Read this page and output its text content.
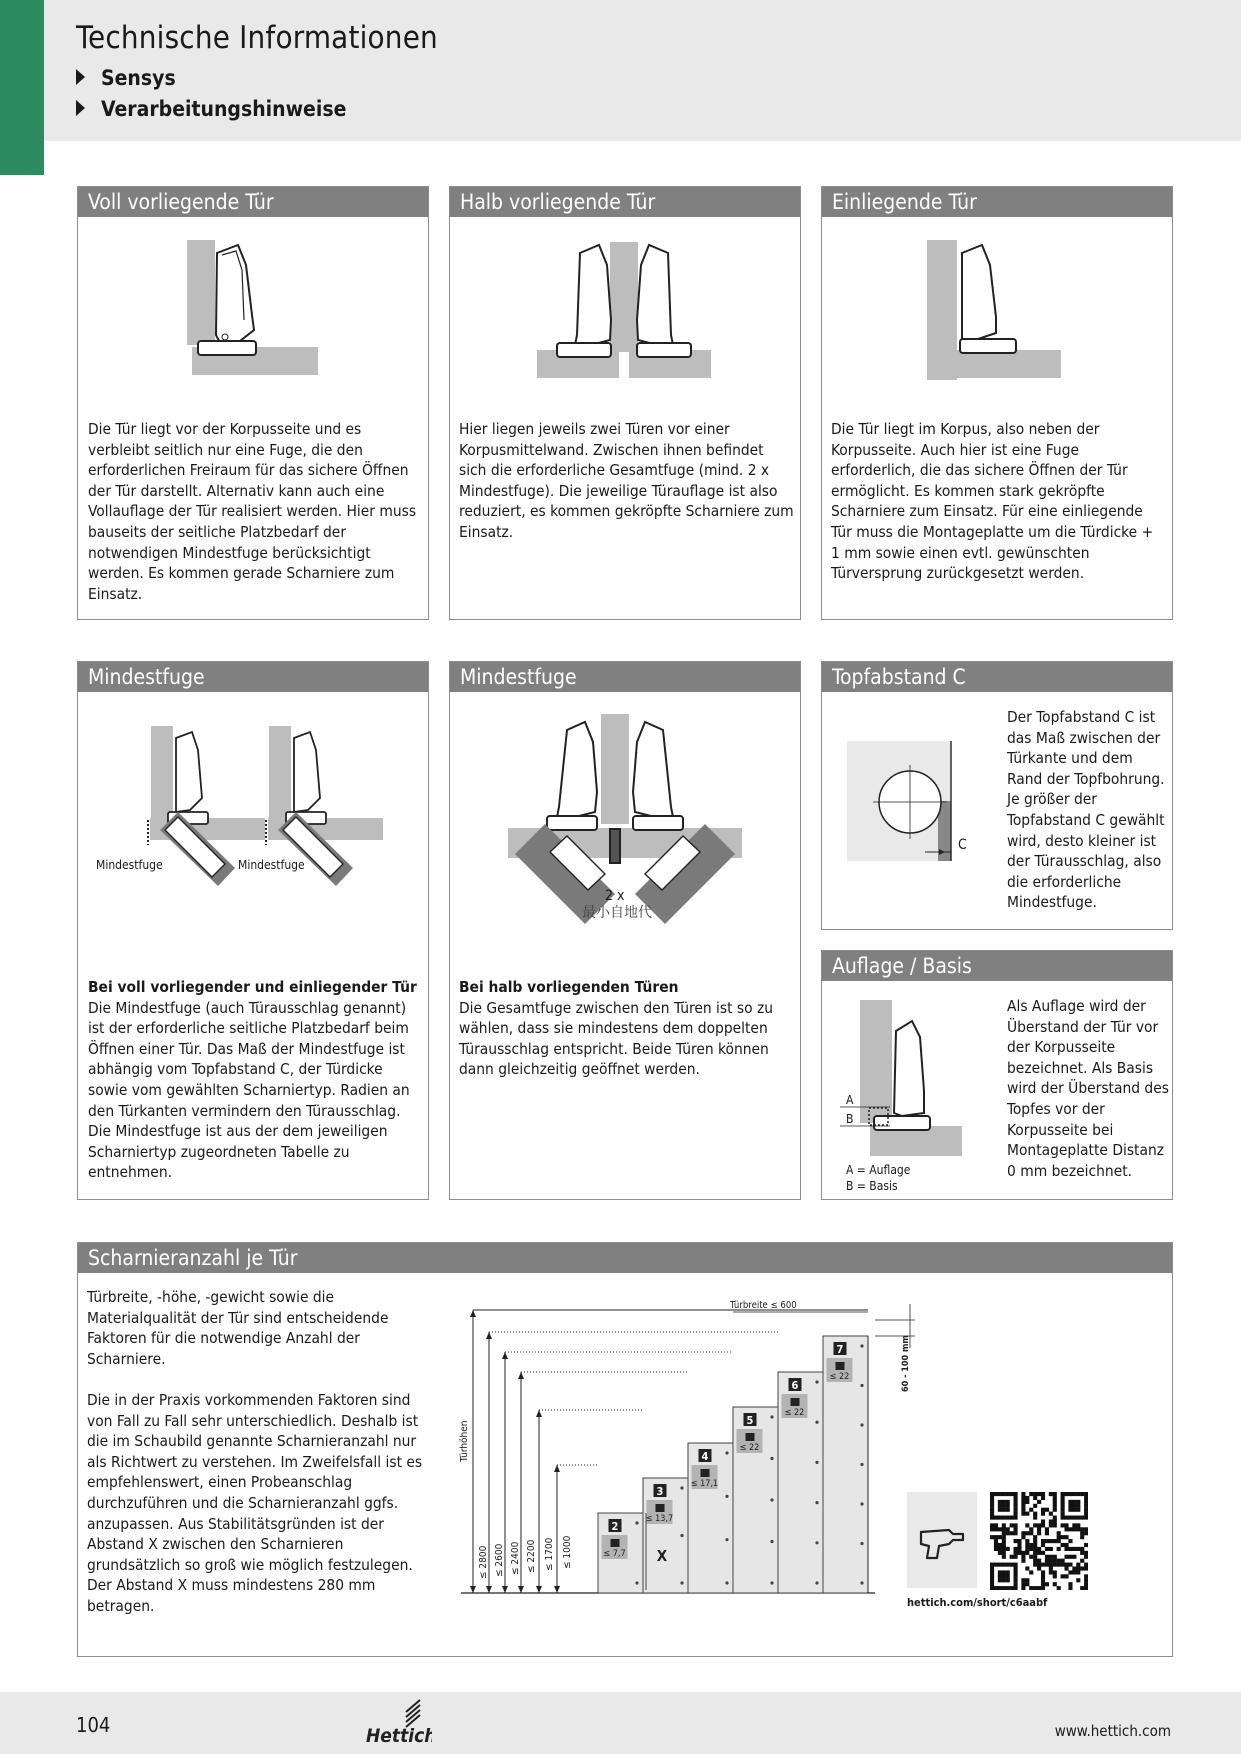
Technische Informationen
Sensys
Verarbeitungshinweise
Voll vorliegende Tür
Die Tür liegt vor der Korpusseite und es verbleibt seitlich nur eine Fuge, die den erforderlichen Freiraum für das sichere Öffnen der Tür darstellt. Alternativ kann auch eine Vollauflage der Tür realisiert werden. Hier muss bauseits der seitliche Platzbedarf der notwendigen Mindestfuge berücksichtigt werden. Es kommen gerade Scharniere zum Einsatz.
Halb vorliegende Tür
Hier liegen jeweils zwei Türen vor einer Korpusmittelwand. Zwischen ihnen befindet sich die erforderliche Gesamtfuge (mind. 2 x Mindestfuge). Die jeweilige Türauflage ist also reduziert, es kommen gekröpfte Scharniere zum Einsatz.
Einliegende Tür
Die Tür liegt im Korpus, also neben der Korpusseite. Auch hier ist eine Fuge erforderlich, die das sichere Öffnen der Tür ermöglicht. Es kommen stark gekröpfte Scharniere zum Einsatz. Für eine einliegende Tür muss die Montageplatte um die Türdicke + 1 mm sowie einen evtl. gewünschten Türversprung zurückgesetzt werden.
Mindestfuge
Mindestfuge	Mindestfuge
Bei voll vorliegender und einliegender Tür
Die Mindestfuge (auch Türausschlag genannt) ist der erforderliche seitliche Platzbedarf beim Öffnen einer Tür. Das Maß der Mindestfuge ist abhängig vom Topfabstand C, der Türdicke sowie vom gewählten Scharniertyp. Radien an den Türkanten vermindern den Türausschlag. Die Mindestfuge ist aus der dem jeweiligen Scharniertyp zugeordneten Tabelle zu entnehmen.
Mindestfuge
2 x
最小自地代
Bei halb vorliegenden Türen
Die Gesamtfuge zwischen den Türen ist so zu wählen, dass sie mindestens dem doppelten Türausschlag entspricht. Beide Türen können dann gleichzeitig geöffnet werden.
Topfabstand C
C
Der Topfabstand C ist das Maß zwischen der Türkante und dem Rand der Topfbohrung. Je größer der Topfabstand C gewählt wird, desto kleiner ist der Türausschlag, also die erforderliche Mindestfuge.
Auflage / Basis
A
B
A = Auflage
B = Basis
Als Auflage wird der Überstand der Tür vor der Korpusseite bezeichnet. Als Basis wird der Überstand des Topfes vor der Korpusseite bei Montageplatte Distanz 0 mm bezeichnet.
Scharnieranzahl je Tür
Türbreite, -höhe, -gewicht sowie die Materialqualität der Tür sind entscheidende Faktoren für die notwendige Anzahl der Scharniere.
Die in der Praxis vorkommenden Faktoren sind von Fall zu Fall sehr unterschiedlich. Deshalb ist die im Schaubild genannte Scharnieranzahl nur als Richtwert zu verstehen. Im Zweifelsfall ist es empfehlenswert, einen Probeanschlag durchzuführen und die Scharnieranzahl ggfs. anzupassen. Aus Stabilitätsgründen ist der Abstand X zwischen den Scharnieren grundsätzlich so groß wie möglich festzulegen. Der Abstand X muss mindestens 280 mm betragen.
≤ 2800 ≤ 2600 ≤ 2400 ≤ 2200 ≤ 1700 ≤ 1000
Türhöhen
2
≤ 7,7
3
≤ 13,7
4
≤ 17,1
5
≤ 22
6
≤ 22
7
≤ 22
Türbreite ≤ 600
60 - 100 mm
X
hettich.com/short/c6aabf
104	Hettich	www.hettich.com
